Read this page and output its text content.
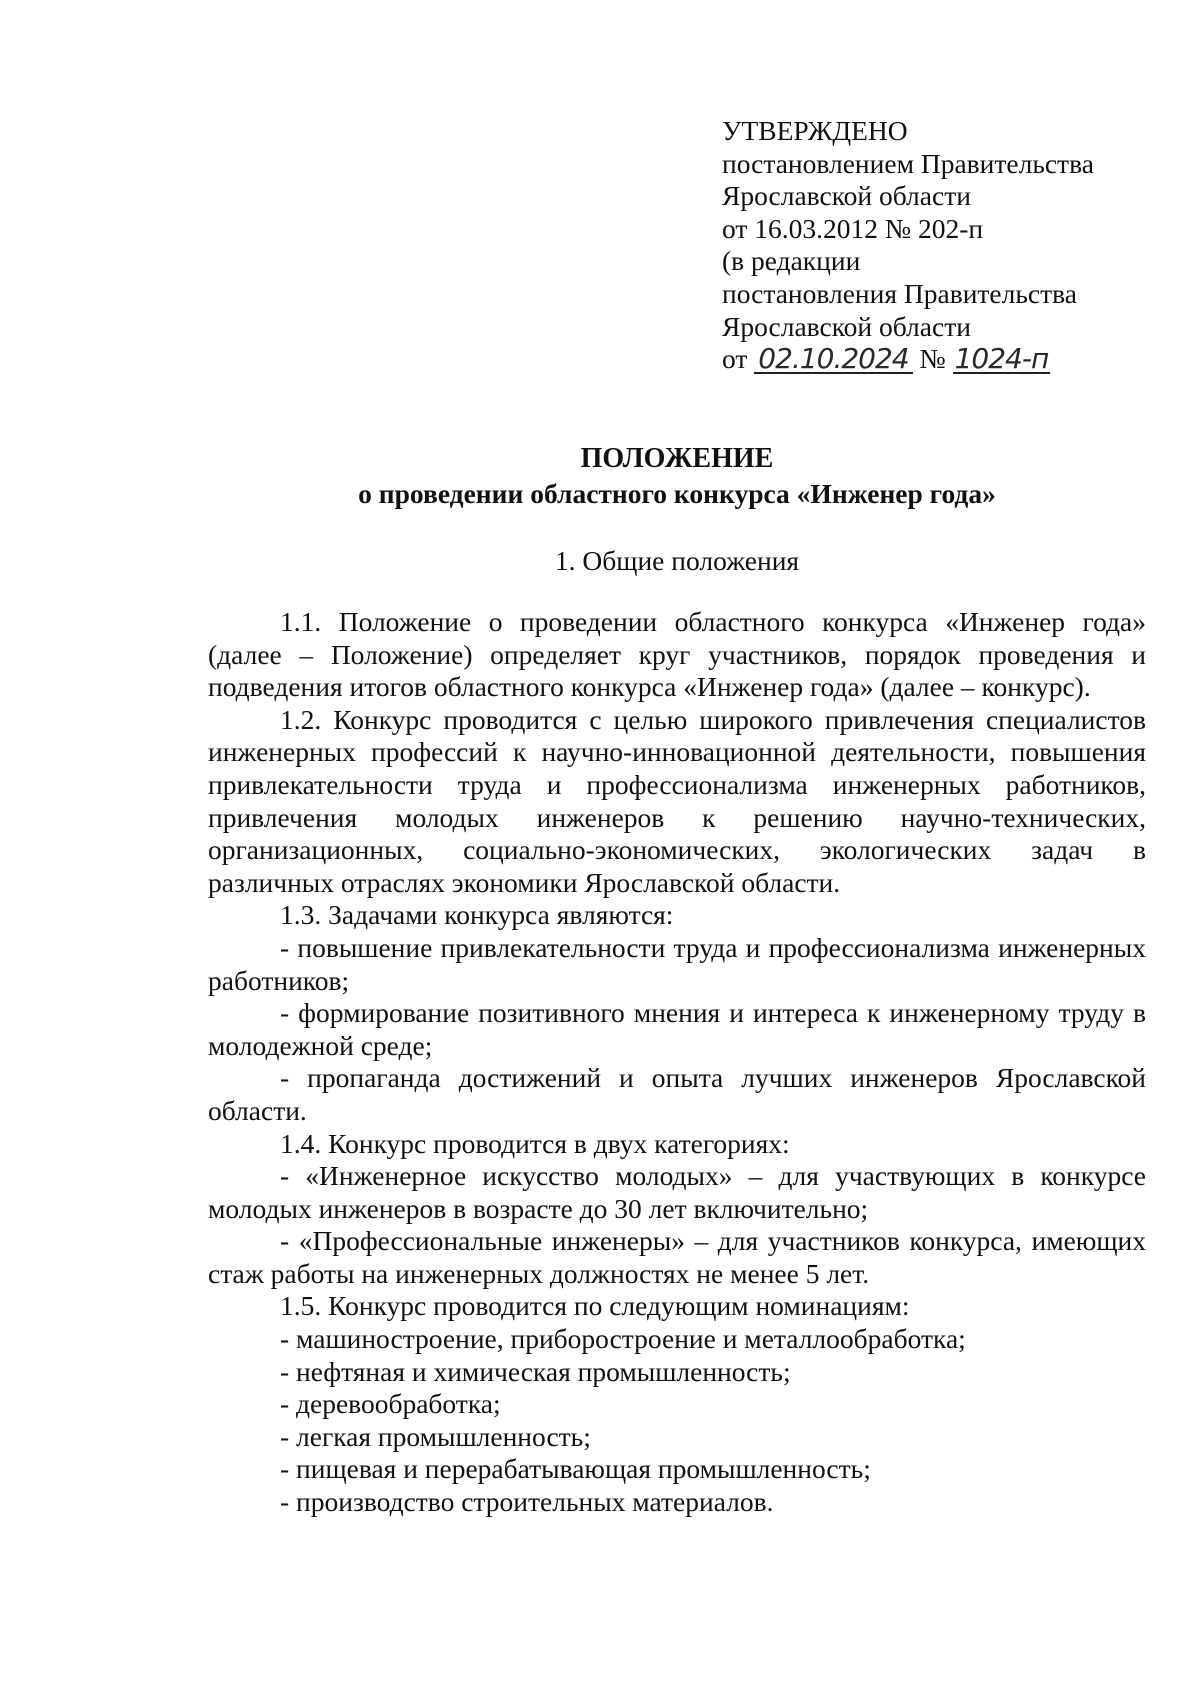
УТВЕРЖДЕНО
постановлением Правительства
Ярославской области
от 16.03.2012 № 202-п
(в редакции
постановления Правительства
Ярославской области
от 02.10.2024 № 1024-п
ПОЛОЖЕНИЕ
о проведении областного конкурса «Инженер года»
1. Общие положения

1.1. Положение о проведении областного конкурса «Инженер года» (далее – Положение) определяет круг участников, порядок проведения и подведения итогов областного конкурса «Инженер года» (далее – конкурс).

1.2. Конкурс проводится с целью широкого привлечения специалистов инженерных профессий к научно-инновационной деятельности, повышения привлекательности труда и профессионализма инженерных работников, привлечения молодых инженеров к решению научно-технических, организационных, социально-экономических, экологических задач в различных отраслях экономики Ярославской области.

1.3. Задачами конкурса являются:

- повышение привлекательности труда и профессионализма инженерных работников;

- формирование позитивного мнения и интереса к инженерному труду в молодежной среде;

- пропаганда достижений и опыта лучших инженеров Ярославской области.

1.4. Конкурс проводится в двух категориях:

- «Инженерное искусство молодых» – для участвующих в конкурсе молодых инженеров в возрасте до 30 лет включительно;

- «Профессиональные инженеры» – для участников конкурса, имеющих стаж работы на инженерных должностях не менее 5 лет.

1.5. Конкурс проводится по следующим номинациям:

- машиностроение, приборостроение и металлообработка;

- нефтяная и химическая промышленность;

- деревообработка;

- легкая промышленность;

- пищевая и перерабатывающая промышленность;

- производство строительных материалов.
